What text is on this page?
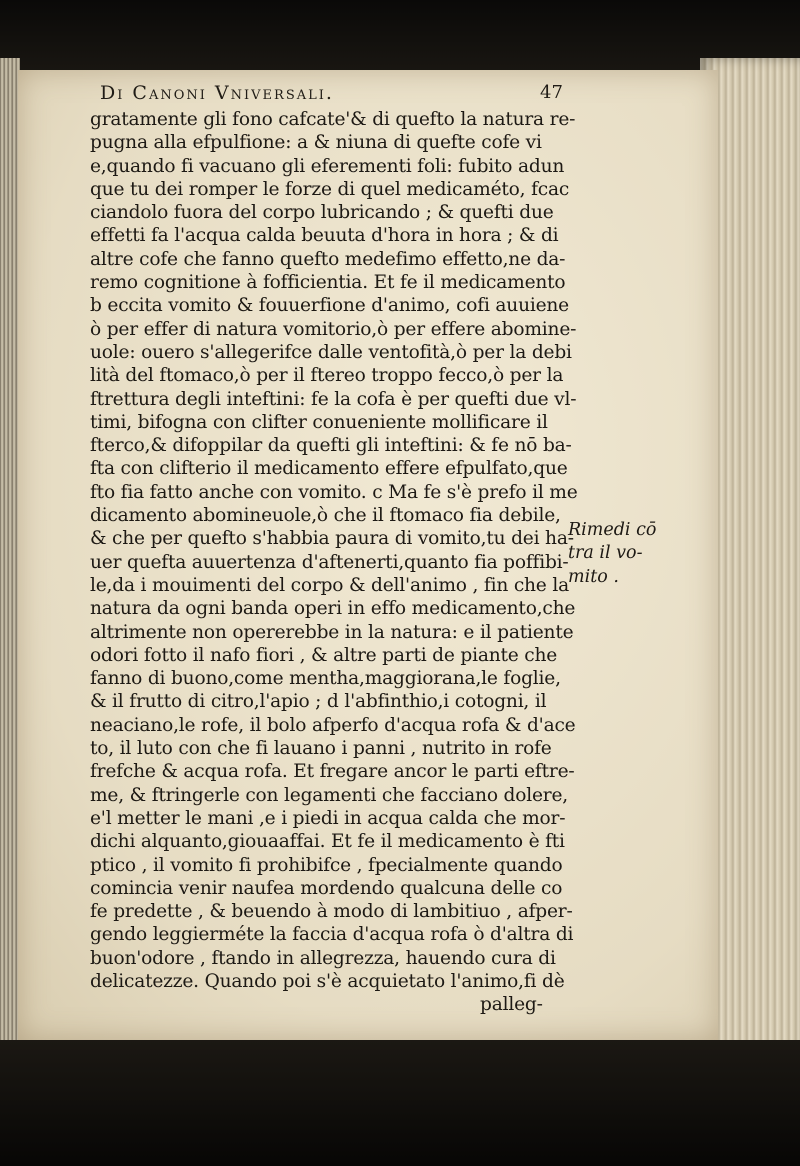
Di Canoni Vniversali.	47
gratamente gli fono cafcate'& di quefto la natura re-
pugna alla efpulfione: a & niuna di quefte cofe vi
e,quando fi vacuano gli eferementi foli: fubito adun
que tu dei romper le forze di quel medicaméto, fcac
ciandolo fuora del corpo lubricando ; & quefti due
effetti fa l'acqua calda beuuta d'hora in hora ; & di
altre cofe che fanno quefto medefimo effetto,ne da-
remo cognitione à fofficientia. Et fe il medicamento
b eccita vomito & fouuerfione d'animo, cofi auuiene
ò per effer di natura vomitorio,ò per effere abomine-
uole: ouero s'allegerifce dalle ventofità,ò per la debi
lità del ftomaco,ò per il ftereo troppo fecco,ò per la
ftrettura degli inteftini: fe la cofa è per quefti due vl-
timi, bifogna con clifter conueniente mollificare il
fterco,& difoppilar da quefti gli inteftini: & fe nō ba-
fta con clifterio il medicamento effere efpulfato,que
fto fia fatto anche con vomito. c Ma fe s'è prefo il me
dicamento abomineuole,ò che il ftomaco fia debile,
& che per quefto s'habbia paura di vomito,tu dei ha-
uer quefta auuertenza d'aftenerti,quanto fia poffibi-
le,da i mouimenti del corpo & dell'animo , fin che la
natura da ogni banda operi in effo medicamento,che
altrimente non opererebbe in la natura: e il patiente
odori fotto il nafo fiori , & altre parti de piante che
fanno di buono,come mentha,maggiorana,le foglie,
& il frutto di citro,l'apio ; d l'abfinthio,i cotogni, il
neaciano,le rofe, il bolo afperfo d'acqua rofa & d'ace
to, il luto con che fi lauano i panni , nutrito in rofe
frefche & acqua rofa. Et fregare ancor le parti eftre-
me, & ftringerle con legamenti che facciano dolere,
e'l metter le mani ,e i piedi in acqua calda che mor-
dichi alquanto,giouaaffai. Et fe il medicamento è fti
ptico , il vomito fi prohibifce , fpecialmente quando
comincia venir naufea mordendo qualcuna delle co
fe predette , & beuendo à modo di lambitiuo , afper-
gendo leggierméte la faccia d'acqua rofa ò d'altra di
buon'odore , ftando in allegrezza, hauendo cura di
delicatezze. Quando poi s'è acquietato l'animo,fi dè
palleg-
Rimedi cō
tra il vo-
mito .
